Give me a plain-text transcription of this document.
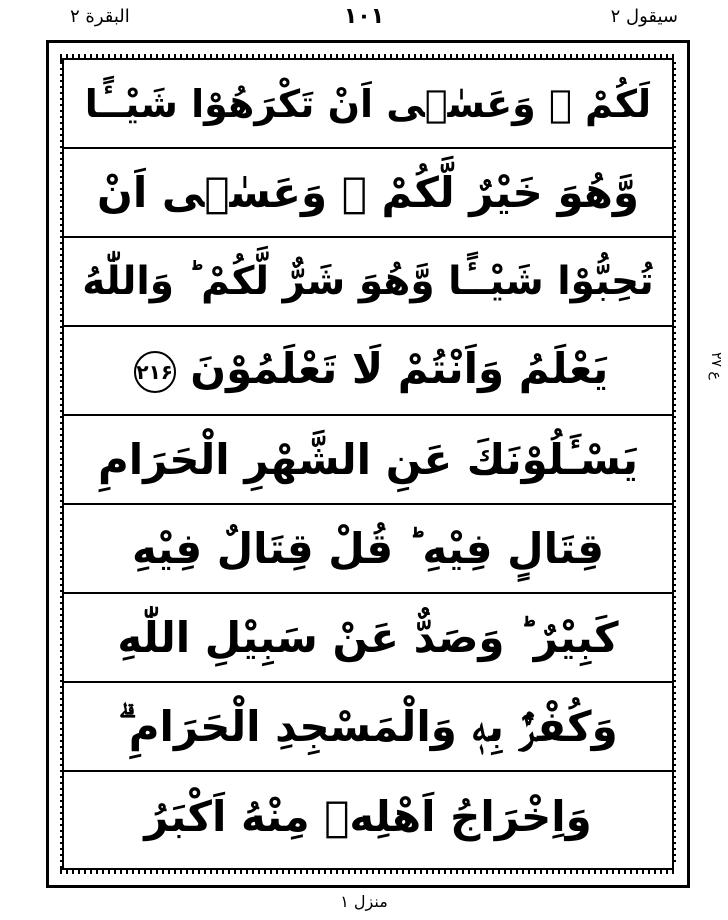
البقرة ۲	۱۰۱	سیقول ۲
لَكُمْ ۚ وَعَسٰۤى اَنْ تَكْرَهُوْا شَیْــًٔا
وَّهُوَ خَیْرٌ لَّكُمْ ۚ وَعَسٰۤى اَنْ
تُحِبُّوْا شَیْــًٔا وَّهُوَ شَرٌّ لَّكُمْ ؕ وَاللّٰهُ
یَعْلَمُ وَاَنْتُمْ لَا تَعْلَمُوْنَ ۲۱۶
یَسْـَٔلُوْنَكَ عَنِ الشَّهْرِ الْحَرَامِ
قِتَالٍ فِیْهِ ؕ قُلْ قِتَالٌ فِیْهِ
كَبِیْرٌ ؕ وَصَدٌّ عَنْ سَبِیْلِ اللّٰهِ
وَكُفْرٌۢ بِهٖ وَالْمَسْجِدِ الْحَرَامِ ۗ
وَاِخْرَاجُ اَهْلِهٖ مِنْهُ اَكْبَرُ
ع ۲۷
منزل ۱
